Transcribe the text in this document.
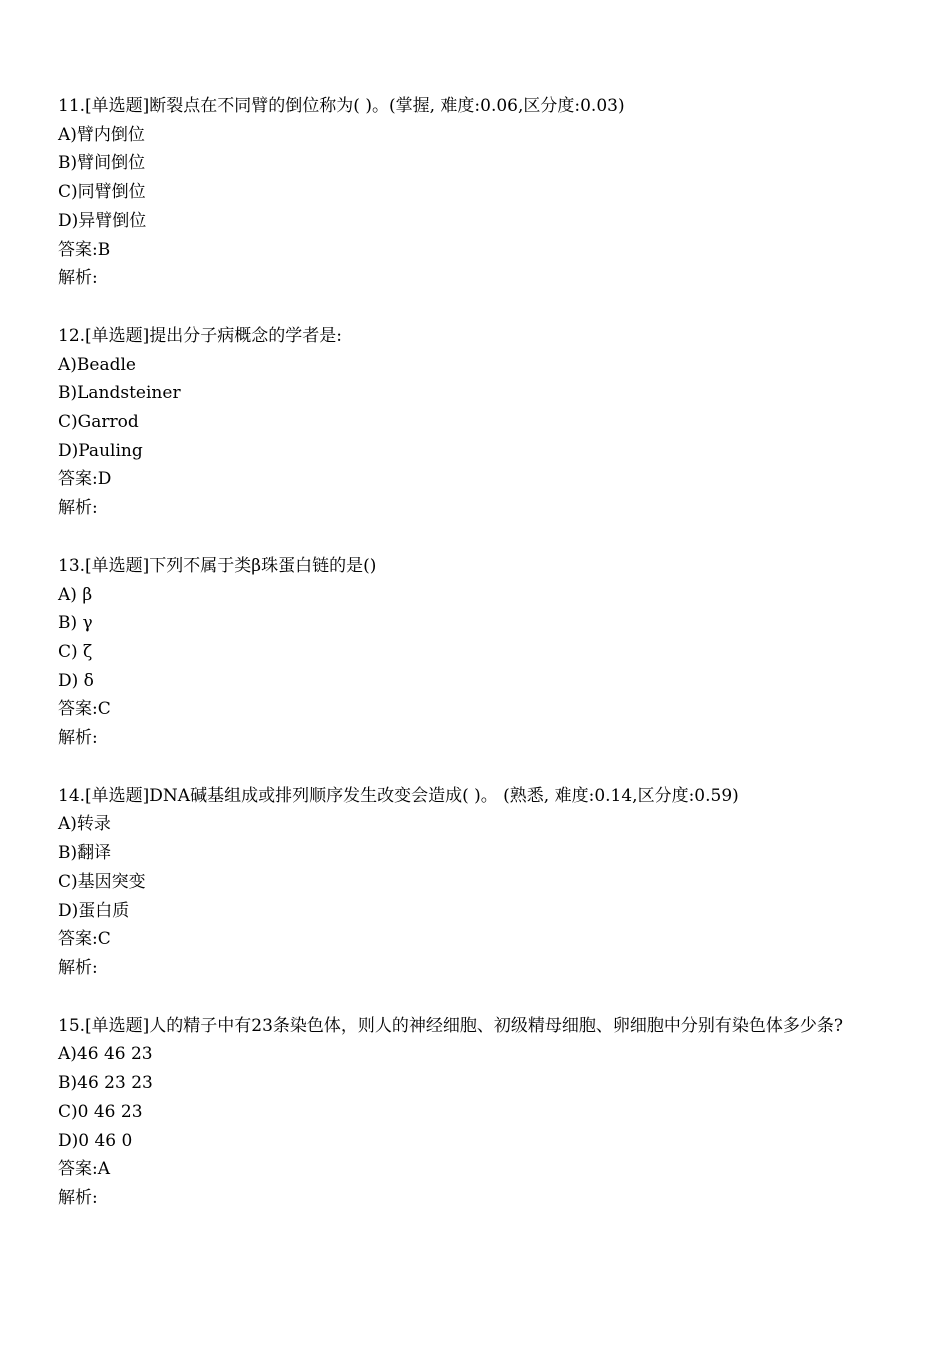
11.[单选题]断裂点在不同臂的倒位称为( )。(掌握, 难度:0.06,区分度:0.03)
A)臂内倒位
B)臂间倒位
C)同臂倒位
D)异臂倒位
答案:B
解析:
12.[单选题]提出分子病概念的学者是:
A)Beadle
B)Landsteiner
C)Garrod
D)Pauling
答案:D
解析:
13.[单选题]下列不属于类β珠蛋白链的是()
A) β
B) γ
C) ζ
D) δ
答案:C
解析:
14.[单选题]DNA碱基组成或排列顺序发生改变会造成( )。 (熟悉, 难度:0.14,区分度:0.59)
A)转录
B)翻译
C)基因突变
D)蛋白质
答案:C
解析:
15.[单选题]人的精子中有23条染色体，则人的神经细胞、初级精母细胞、卵细胞中分别有染色体多少条?
A)46 46 23
B)46 23 23
C)0 46 23
D)0 46 0
答案:A
解析:
